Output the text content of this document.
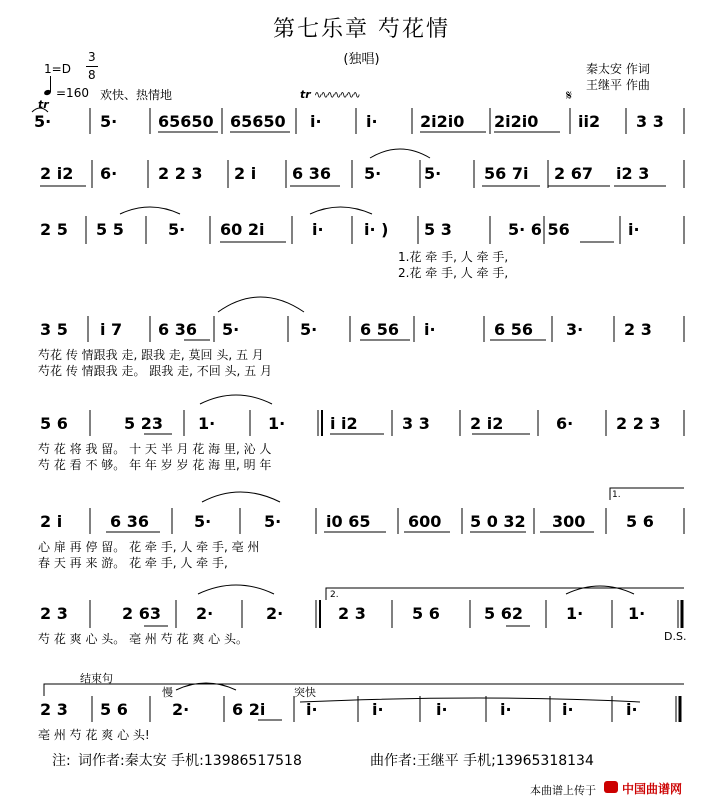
第七乐章 芍花情
(独唱)
秦太安 作词
王继平 作曲
1=D
3
8
=160 欢快、热情地
tr
tr ∿∿∿∿∿∿∿	𝄋
5·	5·	65650 65650 i·	i·	2i2i0 2i2i0 ii2 3 3
2 i2 6·	2 2 3 2 i 6 36 5·	5·	56 7i 2 67 i2 3
2 5 5 5	5· 60 2i	i·	i· ) 5 3	5· 6 56	i·
1.花 牵 手, 人 牵 手,
2.花 牵 手, 人 牵 手,
3 5 i 7 6 36 5·	5·	6 56 i·	6 56 3·	2 3
芍花 传 情跟我 走, 跟我 走, 莫回 头, 五 月
芍花 传 情跟我 走。 跟我 走, 不回 头, 五 月
5 6	5 23 1·	1·	i i2	3 3	2 i2	6·	2 2 3
芍 花 将 我 留。 十 天 半 月 花 海 里, 沁 人
芍 花 看 不 够。 年 年 岁 岁 花 海 里, 明 年
1.
2 i	6 36	5·	5·	i0 65 600 5 0 32 300	5 6
心 扉 再 停 留。 花 牵 手, 人 牵 手, 亳 州
春 天 再 来 游。 花 牵 手, 人 牵 手,
2.
2 3	2 63 2·	2·	2 3	5 6	5 62	1·	1·
芍 花 爽 心 头。 亳 州 芍 花 爽 心 头。	D.S.
结束句
慢	突快
2 3 5 6	2·	6 2i	i·	i·	i·	i·	i·	i·
亳 州 芍 花 爽 心 头!
注: 词作者:秦太安 手机:13986517518	曲作者:王继平 手机;13965318134
本曲谱上传于 中国曲谱网
